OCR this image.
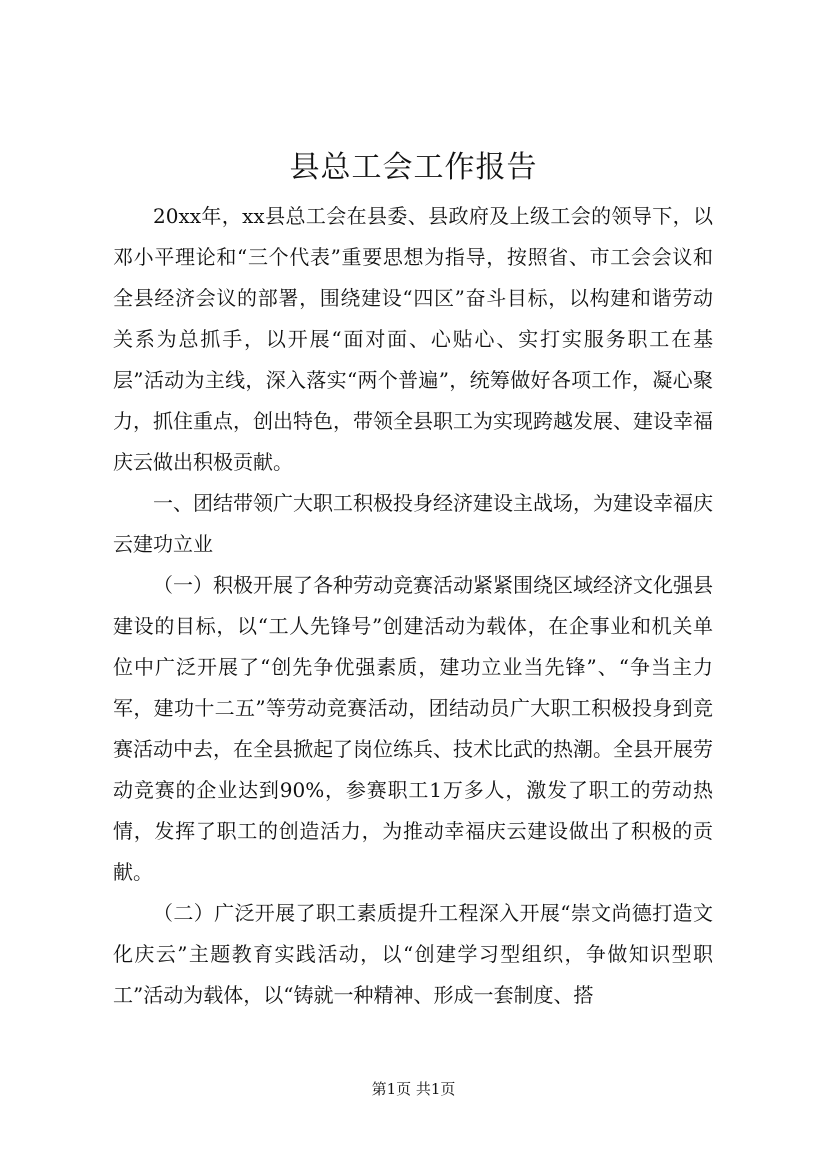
县总工会工作报告

20xx年，xx县总工会在县委、县政府及上级工会的领导下，以邓小平理论和“三个代表”重要思想为指导，按照省、市工会会议和全县经济会议的部署，围绕建设“四区”奋斗目标，以构建和谐劳动关系为总抓手，以开展“面对面、心贴心、实打实服务职工在基层”活动为主线，深入落实“两个普遍”，统筹做好各项工作，凝心聚力，抓住重点，创出特色，带领全县职工为实现跨越发展、建设幸福庆云做出积极贡献。

一、团结带领广大职工积极投身经济建设主战场，为建设幸福庆云建功立业

（一）积极开展了各种劳动竞赛活动紧紧围绕区域经济文化强县建设的目标，以“工人先锋号”创建活动为载体，在企事业和机关单位中广泛开展了“创先争优强素质，建功立业当先锋”、“争当主力军，建功十二五”等劳动竞赛活动，团结动员广大职工积极投身到竞赛活动中去，在全县掀起了岗位练兵、技术比武的热潮。全县开展劳动竞赛的企业达到90%，参赛职工1万多人，激发了职工的劳动热情，发挥了职工的创造活力，为推动幸福庆云建设做出了积极的贡献。

（二）广泛开展了职工素质提升工程深入开展“崇文尚德打造文化庆云”主题教育实践活动，以“创建学习型组织，争做知识型职工”活动为载体，以“铸就一种精神、形成一套制度、搭

第1页 共1页
